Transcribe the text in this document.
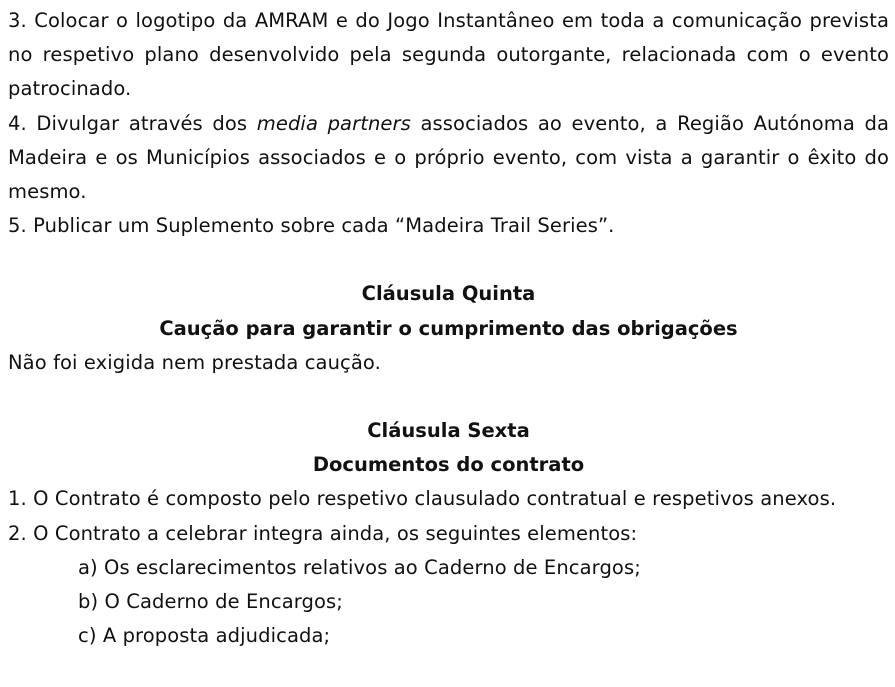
3. Colocar o logotipo da AMRAM e do Jogo Instantâneo em toda a comunicação prevista no respetivo plano desenvolvido pela segunda outorgante, relacionada com o evento patrocinado.

4. Divulgar através dos media partners associados ao evento, a Região Autónoma da Madeira e os Municípios associados e o próprio evento, com vista a garantir o êxito do mesmo.

5. Publicar um Suplemento sobre cada “Madeira Trail Series”.

Cláusula Quinta
Caução para garantir o cumprimento das obrigações

Não foi exigida nem prestada caução.

Cláusula Sexta
Documentos do contrato

1. O Contrato é composto pelo respetivo clausulado contratual e respetivos anexos.

2. O Contrato a celebrar integra ainda, os seguintes elementos:

a) Os esclarecimentos relativos ao Caderno de Encargos;

b) O Caderno de Encargos;

c) A proposta adjudicada;
